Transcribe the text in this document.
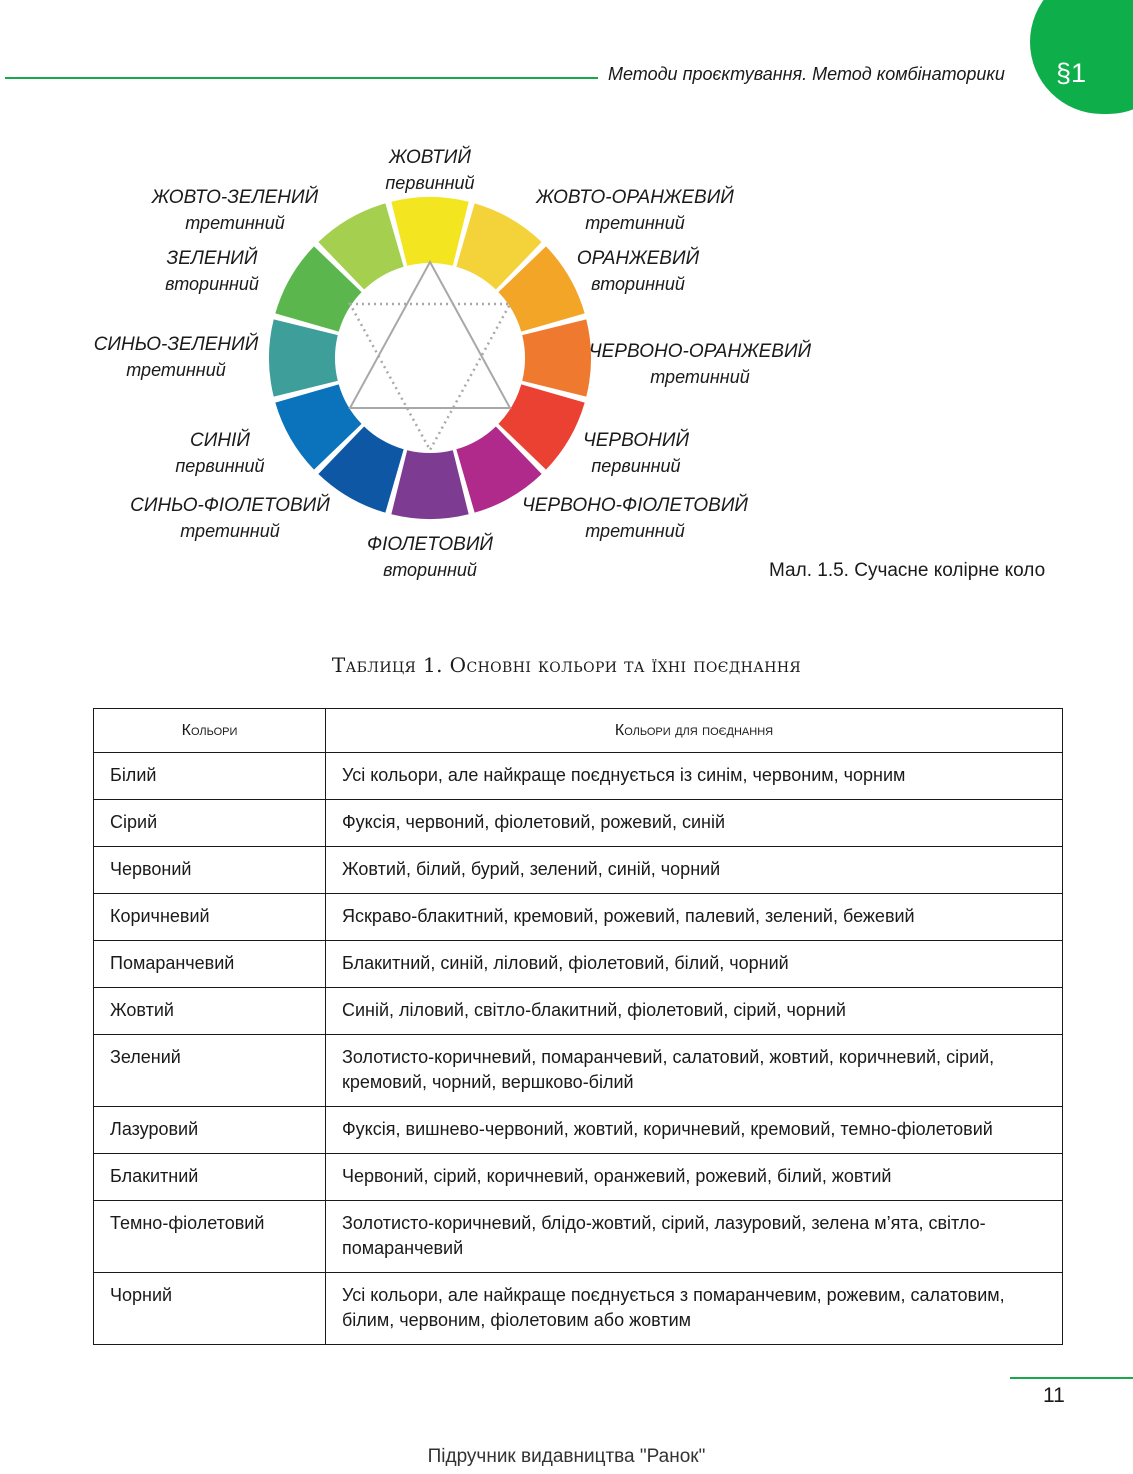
Методи проєктування. Метод комбінаторики §1
ЖОВТИЙ
первинний
ЖОВТО-ОРАНЖЕВИЙ
третинний
ОРАНЖЕВИЙ
вторинний
ЧЕРВОНО-ОРАНЖЕВИЙ
третинний
ЧЕРВОНИЙ
первинний
ЧЕРВОНО-ФІОЛЕТОВИЙ
третинний
ФІОЛЕТОВИЙ
вторинний
СИНЬО-ФІОЛЕТОВИЙ
третинний
СИНІЙ
первинний
СИНЬО-ЗЕЛЕНИЙ
третинний
ЗЕЛЕНИЙ
вторинний
ЖОВТО-ЗЕЛЕНИЙ
третинний
Мал. 1.5. Сучасне колірне коло
Таблиця 1. Основні кольори та їхні поєднання
Кольори	Кольори для поєднання
Білий	Усі кольори, але найкраще поєднується із синім, червоним, чорним
Сірий	Фуксія, червоний, фіолетовий, рожевий, синій
Червоний	Жовтий, білий, бурий, зелений, синій, чорний
Коричневий	Яскраво-блакитний, кремовий, рожевий, палевий, зелений, бежевий
Помаранчевий	Блакитний, синій, ліловий, фіолетовий, білий, чорний
Жовтий	Синій, ліловий, світло-блакитний, фіолетовий, сірий, чорний
Зелений	Золотисто-коричневий, помаранчевий, салатовий, жовтий, коричневий, сірий, кремовий, чорний, вершково-білий
Лазуровий	Фуксія, вишнево-червоний, жовтий, коричневий, кремовий, темно-фіолетовий
Блакитний	Червоний, сірий, коричневий, оранжевий, рожевий, білий, жовтий
Темно-фіолетовий	Золотисто-коричневий, блідо-жовтий, сірий, лазуровий, зелена м’ята, світло-помаранчевий
Чорний	Усі кольори, але найкраще поєднується з помаранчевим, рожевим, салатовим, білим, червоним, фіолетовим або жовтим
11
Підручник видавництва "Ранок"
